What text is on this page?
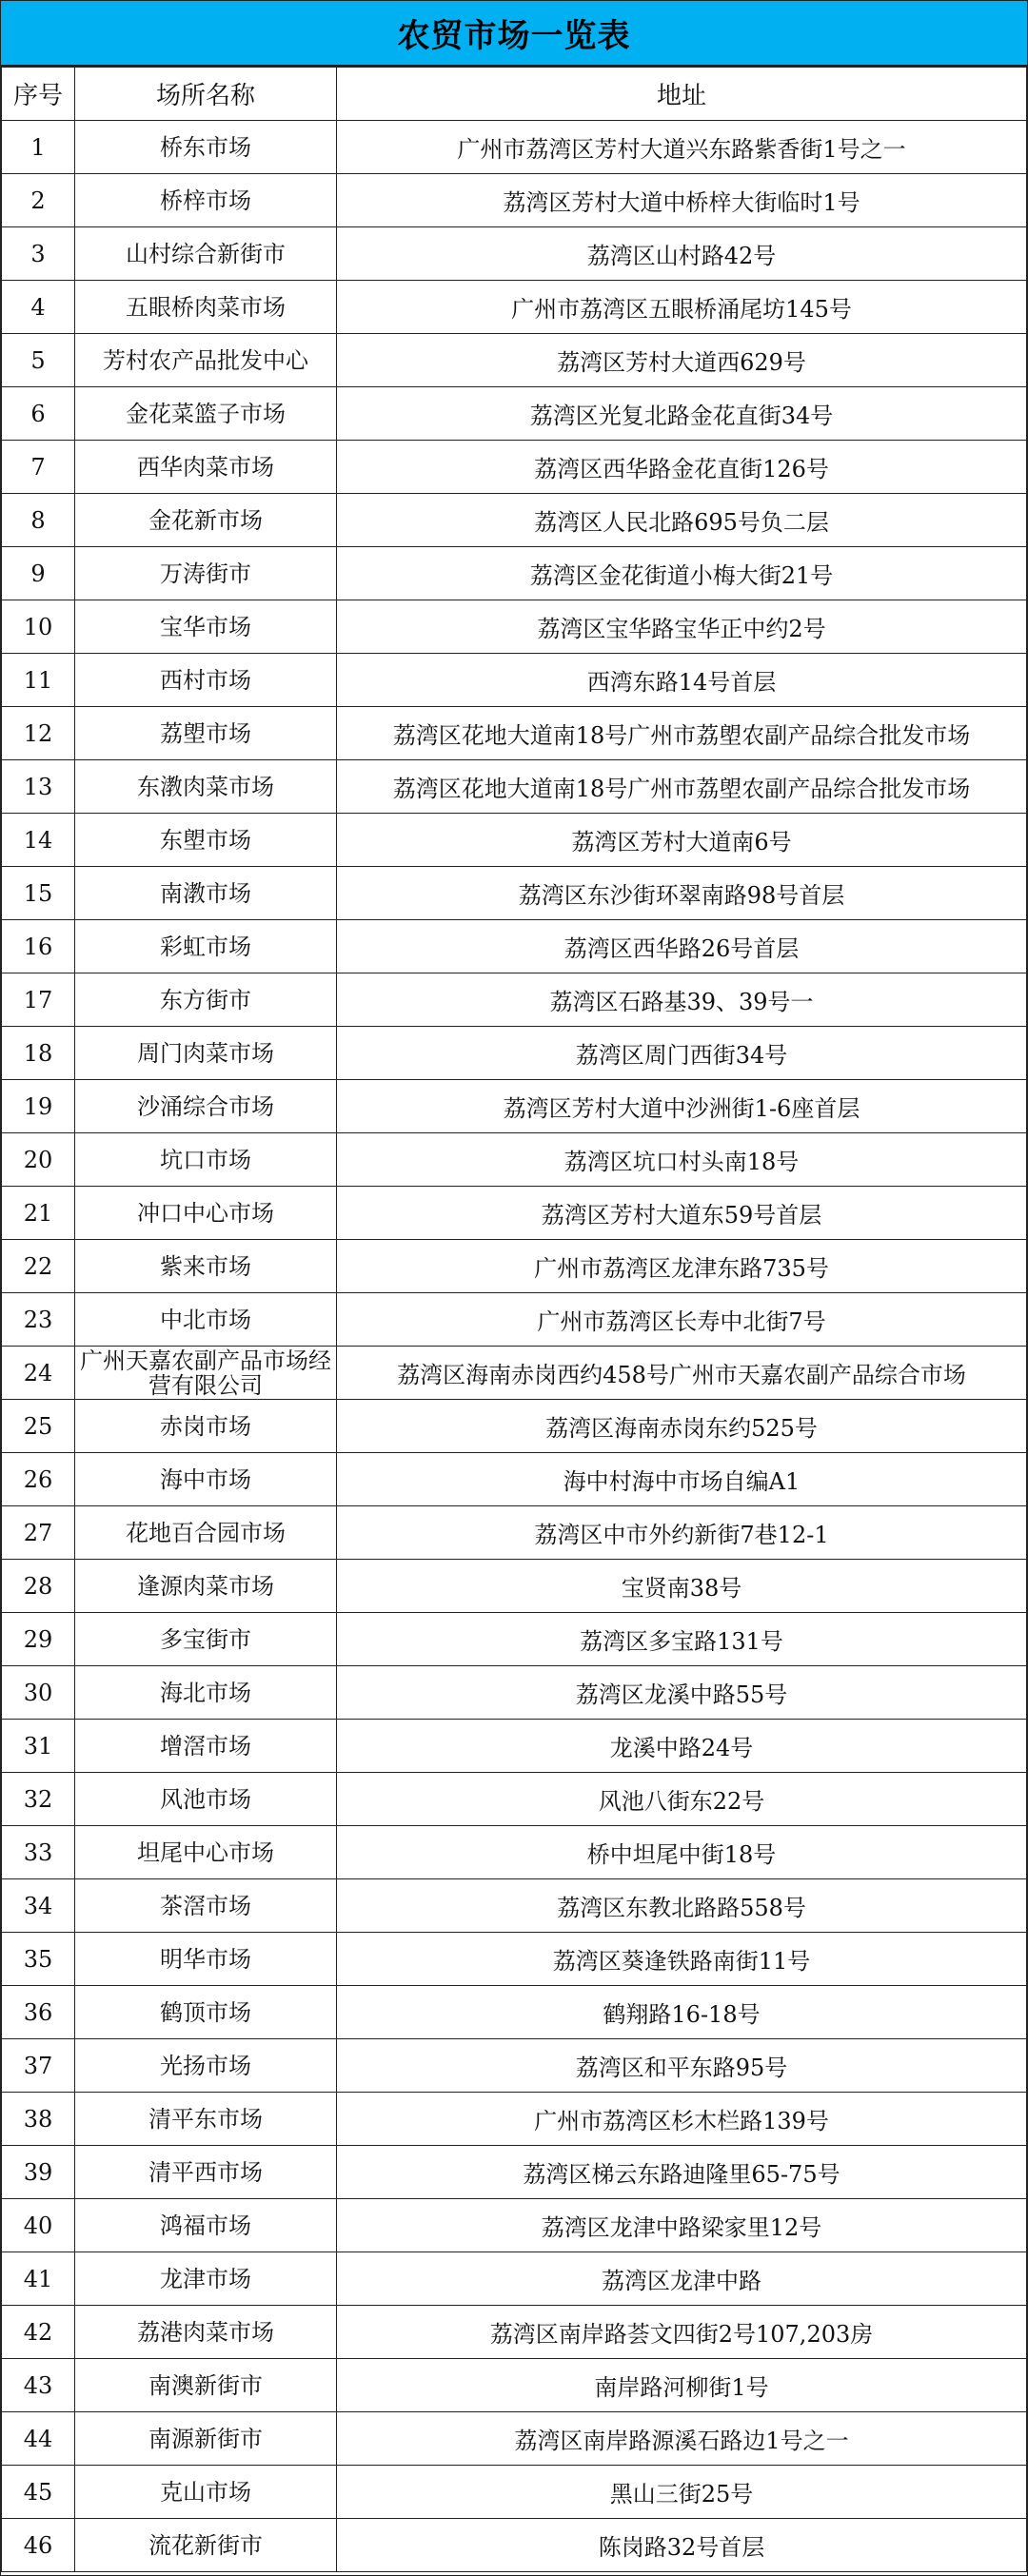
农贸市场一览表
序号	场所名称	地址
1	桥东市场	广州市荔湾区芳村大道兴东路紫香街1号之一
2	桥梓市场	荔湾区芳村大道中桥梓大街临时1号
3	山村综合新街市	荔湾区山村路42号
4	五眼桥肉菜市场	广州市荔湾区五眼桥涌尾坊145号
5	芳村农产品批发中心	荔湾区芳村大道西629号
6	金花菜篮子市场	荔湾区光复北路金花直街34号
7	西华肉菜市场	荔湾区西华路金花直街126号
8	金花新市场	荔湾区人民北路695号负二层
9	万涛街市	荔湾区金花街道小梅大街21号
10	宝华市场	荔湾区宝华路宝华正中约2号
11	西村市场	西湾东路14号首层
12	荔塱市场	荔湾区花地大道南18号广州市荔塱农副产品综合批发市场
13	东漖肉菜市场	荔湾区花地大道南18号广州市荔塱农副产品综合批发市场
14	东塱市场	荔湾区芳村大道南6号
15	南漖市场	荔湾区东沙街环翠南路98号首层
16	彩虹市场	荔湾区西华路26号首层
17	东方街市	荔湾区石路基39、39号一
18	周门肉菜市场	荔湾区周门西街34号
19	沙涌综合市场	荔湾区芳村大道中沙洲街1-6座首层
20	坑口市场	荔湾区坑口村头南18号
21	冲口中心市场	荔湾区芳村大道东59号首层
22	紫来市场	广州市荔湾区龙津东路735号
23	中北市场	广州市荔湾区长寿中北街7号
24	广州天嘉农副产品市场经营有限公司	荔湾区海南赤岗西约458号广州市天嘉农副产品综合市场
25	赤岗市场	荔湾区海南赤岗东约525号
26	海中市场	海中村海中市场自编A1
27	花地百合园市场	荔湾区中市外约新街7巷12-1
28	逢源肉菜市场	宝贤南38号
29	多宝街市	荔湾区多宝路131号
30	海北市场	荔湾区龙溪中路55号
31	增滘市场	龙溪中路24号
32	风池市场	风池八街东22号
33	坦尾中心市场	桥中坦尾中街18号
34	茶滘市场	荔湾区东教北路路558号
35	明华市场	荔湾区葵逢铁路南街11号
36	鹤顶市场	鹤翔路16-18号
37	光扬市场	荔湾区和平东路95号
38	清平东市场	广州市荔湾区杉木栏路139号
39	清平西市场	荔湾区梯云东路迪隆里65-75号
40	鸿福市场	荔湾区龙津中路梁家里12号
41	龙津市场	荔湾区龙津中路
42	荔港肉菜市场	荔湾区南岸路荟文四街2号107,203房
43	南澳新街市	南岸路河柳街1号
44	南源新街市	荔湾区南岸路源溪石路边1号之一
45	克山市场	黑山三街25号
46	流花新街市	陈岗路32号首层
